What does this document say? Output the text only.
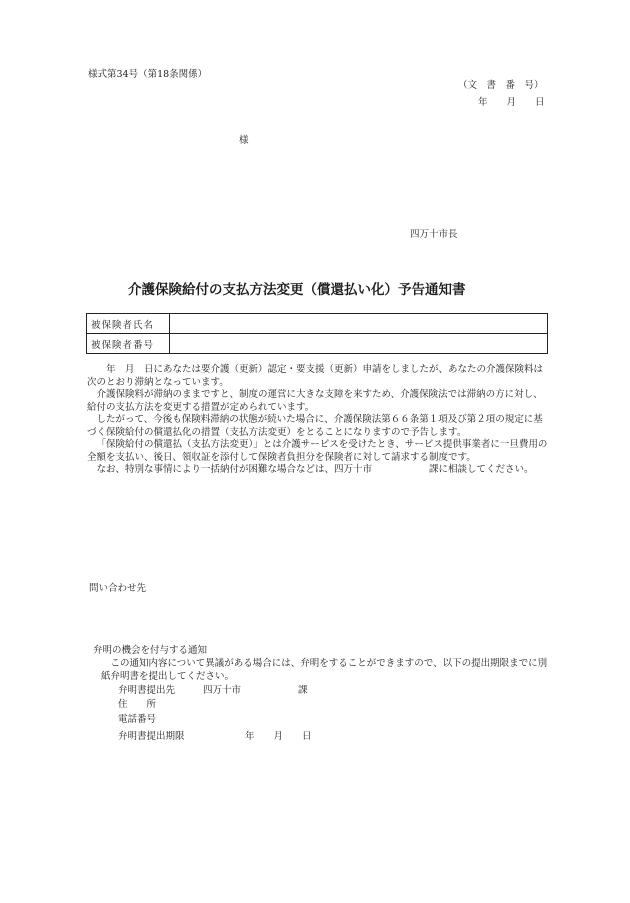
様式第34号（第18条関係）
（文　書　番　号）
年　　月　　日
様
四万十市長
介護保険給付の支払方法変更（償還払い化）予告通知書
被保険者氏名	
被保険者番号	

　年　月　日にあなたは要介護（更新）認定・要支援（更新）申請をしましたが、あなたの介護保険料は次のとおり滞納となっています。

介護保険料が滞納のままですと、制度の運営に大きな支障を来すため、介護保険法では滞納の方に対し、給付の支払方法を変更する措置が定められています。

したがって、今後も保険料滞納の状態が続いた場合に、介護保険法第６６条第１項及び第２項の規定に基づく保険給付の償還払化の措置（支払方法変更）をとることになりますので予告します。

「保険給付の償還払（支払方法変更）」とは介護サービスを受けたとき、サービス提供事業者に一旦費用の全額を支払い、後日、領収証を添付して保険者負担分を保険者に対して請求する制度です。

なお、特別な事情により一括納付が困難な場合などは、四万十市　　　　　　課に相談してください。

問い合わせ先
弁明の機会を付与する通知

この通知内容について異議がある場合には、弁明をすることができますので、以下の提出期限までに別紙弁明書を提出してください。

弁明書提出先	四万十市　　　　　　課
住　　所
電話番号
弁明書提出期限	年　　月　　日
